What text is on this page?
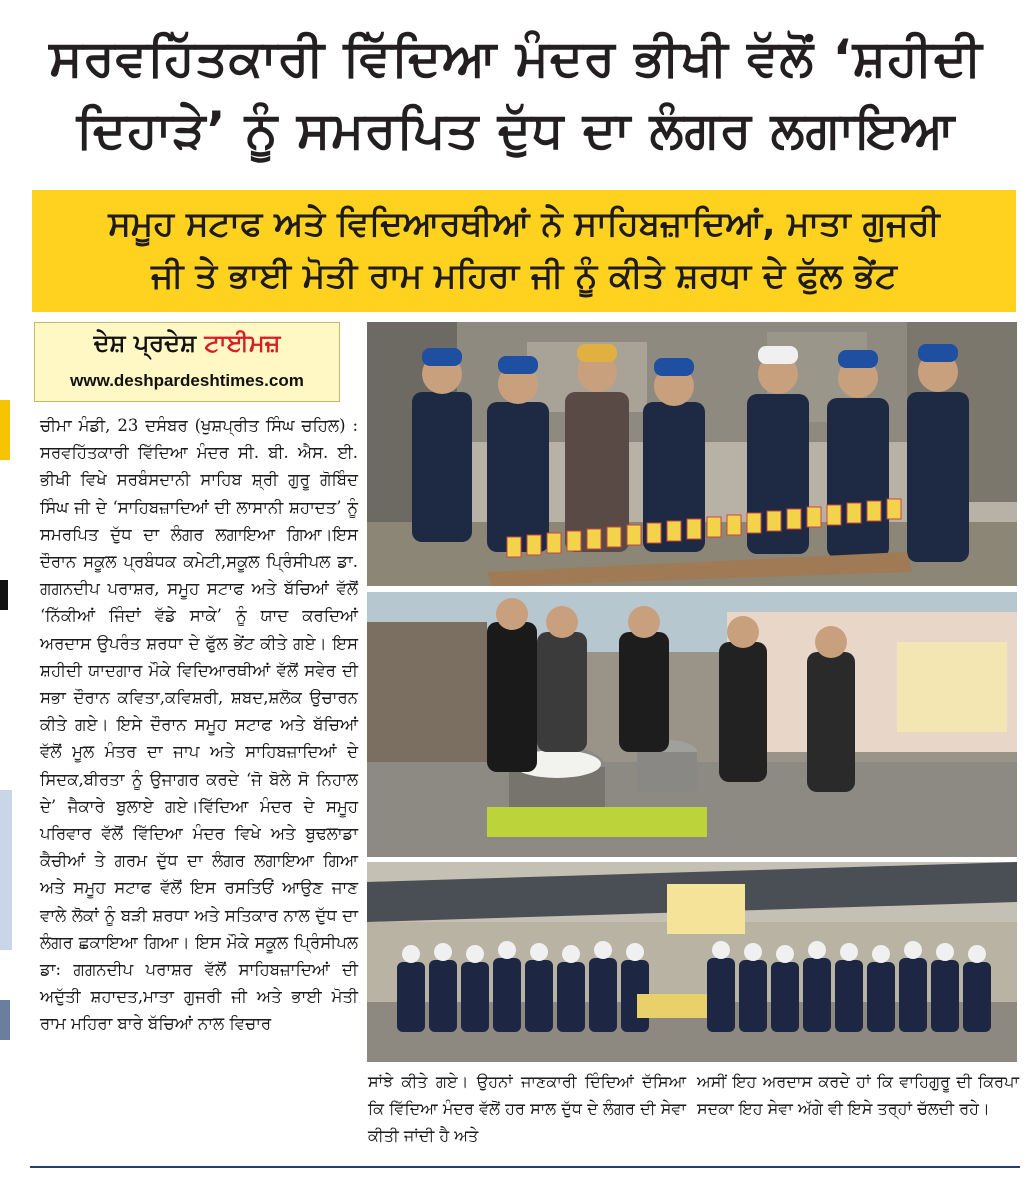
ਸਰਵਹਿੱਤਕਾਰੀ ਵਿੱਦਿਆ ਮੰਦਰ ਭੀਖੀ ਵੱਲੋਂ ‘ਸ਼ਹੀਦੀ
ਦਿਹਾੜੇ’ ਨੂੰ ਸਮਰਪਿਤ ਦੁੱਧ ਦਾ ਲੰਗਰ ਲਗਾਇਆ
ਸਮੂਹ ਸਟਾਫ ਅਤੇ ਵਿਦਿਆਰਥੀਆਂ ਨੇ ਸਾਹਿਬਜ਼ਾਦਿਆਂ, ਮਾਤਾ ਗੁਜਰੀ
ਜੀ ਤੇ ਭਾਈ ਮੋਤੀ ਰਾਮ ਮਹਿਰਾ ਜੀ ਨੂੰ ਕੀਤੇ ਸ਼ਰਧਾ ਦੇ ਫੁੱਲ ਭੇਂਟ
ਦੇਸ਼ ਪ੍ਰਦੇਸ਼ ਟਾਈਮਜ਼
www.deshpardeshtimes.com
ਚੀਮਾ ਮੰਡੀ, 23 ਦਸੰਬਰ (ਖੁਸ਼ਪ੍ਰੀਤ ਸਿੰਘ ਚਹਿਲ) : ਸਰਵਹਿੱਤਕਾਰੀ ਵਿੱਦਿਆ ਮੰਦਰ ਸੀ. ਬੀ. ਐਸ. ਈ. ਭੀਖੀ ਵਿਖੇ ਸਰਬੰਸਦਾਨੀ ਸਾਹਿਬ ਸ਼੍ਰੀ ਗੁਰੂ ਗੋਬਿੰਦ ਸਿੰਘ ਜੀ ਦੇ ‘ਸਾਹਿਬਜ਼ਾਦਿਆਂ ਦੀ ਲਾਸਾਨੀ ਸ਼ਹਾਦਤ’ ਨੂੰ ਸਮਰਪਿਤ ਦੁੱਧ ਦਾ ਲੰਗਰ ਲਗਾਇਆ ਗਿਆ।ਇਸ ਦੌਰਾਨ ਸਕੂਲ ਪ੍ਰਬੰਧਕ ਕਮੇਟੀ,ਸਕੂਲ ਪ੍ਰਿੰਸੀਪਲ ਡਾ. ਗਗਨਦੀਪ ਪਰਾਸ਼ਰ, ਸਮੂਹ ਸਟਾਫ ਅਤੇ ਬੱਚਿਆਂ ਵੱਲੋਂ ‘ਨਿੱਕੀਆਂ ਜਿੰਦਾਂ ਵੱਡੇ ਸਾਕੇ’ ਨੂੰ ਯਾਦ ਕਰਦਿਆਂ ਅਰਦਾਸ ਉਪਰੰਤ ਸ਼ਰਧਾ ਦੇ ਫੁੱਲ ਭੇਂਟ ਕੀਤੇ ਗਏ। ਇਸ ਸ਼ਹੀਦੀ ਯਾਦਗਾਰ ਮੌਕੇ ਵਿਦਿਆਰਥੀਆਂ ਵੱਲੋਂ ਸਵੇਰ ਦੀ ਸਭਾ ਦੌਰਾਨ ਕਵਿਤਾ,ਕਵਿਸ਼ਰੀ, ਸ਼ਬਦ,ਸ਼ਲੋਕ ਉਚਾਰਨ ਕੀਤੇ ਗਏ। ਇਸੇ ਦੌਰਾਨ ਸਮੂਹ ਸਟਾਫ ਅਤੇ ਬੱਚਿਆਂ ਵੱਲੋਂ ਮੂਲ ਮੰਤਰ ਦਾ ਜਾਪ ਅਤੇ ਸਾਹਿਬਜ਼ਾਦਿਆਂ ਦੇ ਸਿਦਕ,ਬੀਰਤਾ ਨੂੰ ਉਜਾਗਰ ਕਰਦੇ ‘ਜੋ ਬੋਲੇ ਸੋ ਨਿਹਾਲ ਦੇ’ ਜੈਕਾਰੇ ਬੁਲਾਏ ਗਏ।ਵਿੱਦਿਆ ਮੰਦਰ ਦੇ ਸਮੂਹ ਪਰਿਵਾਰ ਵੱਲੋਂ ਵਿੱਦਿਆ ਮੰਦਰ ਵਿਖੇ ਅਤੇ ਬੁਢਲਾਡਾ ਕੈਚੀਆਂ ਤੇ ਗਰਮ ਦੁੱਧ ਦਾ ਲੰਗਰ ਲਗਾਇਆ ਗਿਆ ਅਤੇ ਸਮੂਹ ਸਟਾਫ ਵੱਲੋਂ ਇਸ ਰਸਤਿਓਂ ਆਉਣ ਜਾਣ ਵਾਲੇ ਲੋਕਾਂ ਨੂੰ ਬੜੀ ਸ਼ਰਧਾ ਅਤੇ ਸਤਿਕਾਰ ਨਾਲ ਦੁੱਧ ਦਾ ਲੰਗਰ ਛਕਾਇਆ ਗਿਆ। ਇਸ ਮੌਕੇ ਸਕੂਲ ਪ੍ਰਿੰਸੀਪਲ ਡਾ: ਗਗਨਦੀਪ ਪਰਾਸ਼ਰ ਵੱਲੋਂ ਸਾਹਿਬਜ਼ਾਦਿਆਂ ਦੀ ਅਦੁੱਤੀ ਸ਼ਹਾਦਤ,ਮਾਤਾ ਗੁਜਰੀ ਜੀ ਅਤੇ ਭਾਈ ਮੋਤੀ ਰਾਮ ਮਹਿਰਾ ਬਾਰੇ ਬੱਚਿਆਂ ਨਾਲ ਵਿਚਾਰ
ਸਾਂਝੇ ਕੀਤੇ ਗਏ। ਉਹਨਾਂ ਜਾਣਕਾਰੀ ਦਿੰਦਿਆਂ ਦੱਸਿਆ ਕਿ ਵਿੱਦਿਆ ਮੰਦਰ ਵੱਲੋਂ ਹਰ ਸਾਲ ਦੁੱਧ ਦੇ ਲੰਗਰ ਦੀ ਸੇਵਾ ਕੀਤੀ ਜਾਂਦੀ ਹੈ ਅਤੇ
ਅਸੀਂ ਇਹ ਅਰਦਾਸ ਕਰਦੇ ਹਾਂ ਕਿ ਵਾਹਿਗੁਰੂ ਦੀ ਕਿਰਪਾ ਸਦਕਾ ਇਹ ਸੇਵਾ ਅੱਗੇ ਵੀ ਇਸੇ ਤਰ੍ਹਾਂ ਚੱਲਦੀ ਰਹੇ।
